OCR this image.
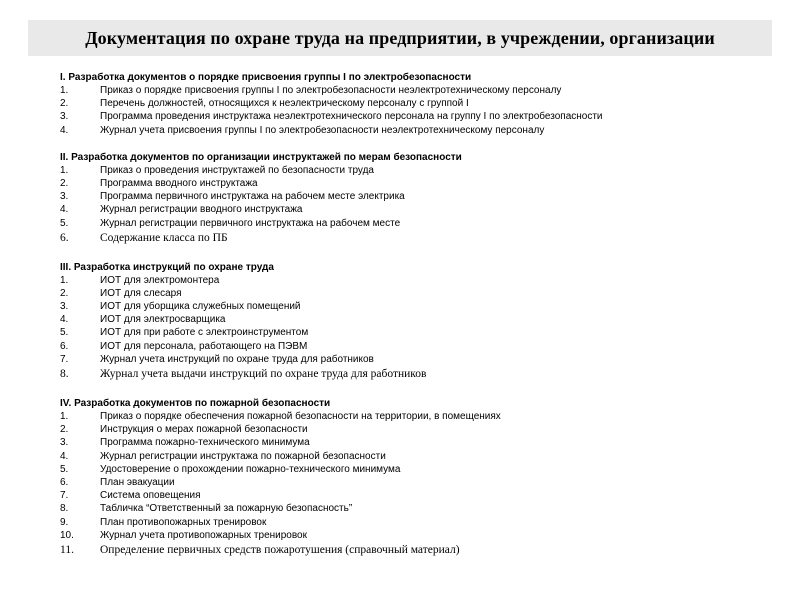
Документация по охране труда на предприятии, в учреждении, организации
I. Разработка документов о порядке присвоения группы I по электробезопасности
1.	Приказ о порядке присвоения группы I по электробезопасности неэлектротехническому персоналу
2.	Перечень должностей, относящихся к неэлектрическому персоналу с группой I
3.	Программа проведения инструктажа неэлектротехнического персонала на группу I по электробезопасности
4.	Журнал учета присвоения группы I по электробезопасности неэлектротехническому персоналу
II. Разработка документов по организации инструктажей по мерам безопасности
1.	Приказ о проведения инструктажей по безопасности труда
2.	Программа вводного инструктажа
3.	Программа первичного инструктажа на рабочем месте электрика
4.	Журнал регистрации вводного инструктажа
5.	Журнал регистрации первичного инструктажа на рабочем месте
6.	Содержание класса по ПБ
III. Разработка инструкций по охране труда
1.	ИОТ для электромонтера
2.	ИОТ для слесаря
3.	ИОТ для уборщика служебных помещений
4.	ИОТ для электросварщика
5.	ИОТ для при работе с электроинструментом
6.	ИОТ для персонала, работающего на ПЭВМ
7.	Журнал учета инструкций по охране труда для работников
8.	Журнал учета выдачи инструкций по охране труда для работников
IV. Разработка документов по пожарной безопасности
1.	Приказ о порядке обеспечения пожарной безопасности на территории, в помещениях
2.	Инструкция о мерах пожарной безопасности
3.	Программа пожарно-технического минимума
4.	Журнал регистрации инструктажа по пожарной безопасности
5.	Удостоверение о прохождении пожарно-технического минимума
6.	План эвакуации
7.	Система оповещения
8.	Табличка “Ответственный за пожарную безопасность”
9.	План противопожарных тренировок
10.	Журнал учета противопожарных тренировок
11.	Определение первичных средств пожаротушения (справочный материал)
